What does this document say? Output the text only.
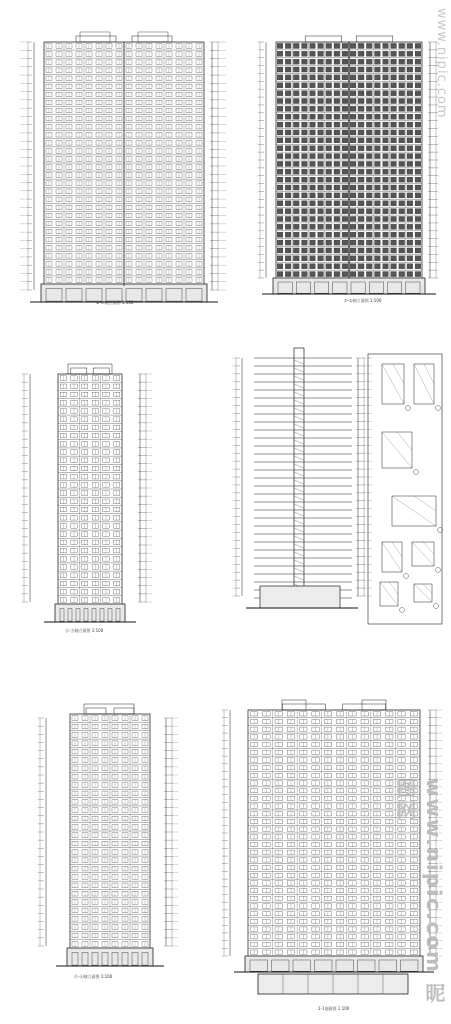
①-⑦轴立面图 1:100	⑦-①轴立面图 1:100
Ⓐ-Ⓕ轴立面图 1:100
Ⓕ-Ⓐ轴立面图 1:100
1-1剖面图 1:100
www.nipic.com
www.nipic.com 昵图网
